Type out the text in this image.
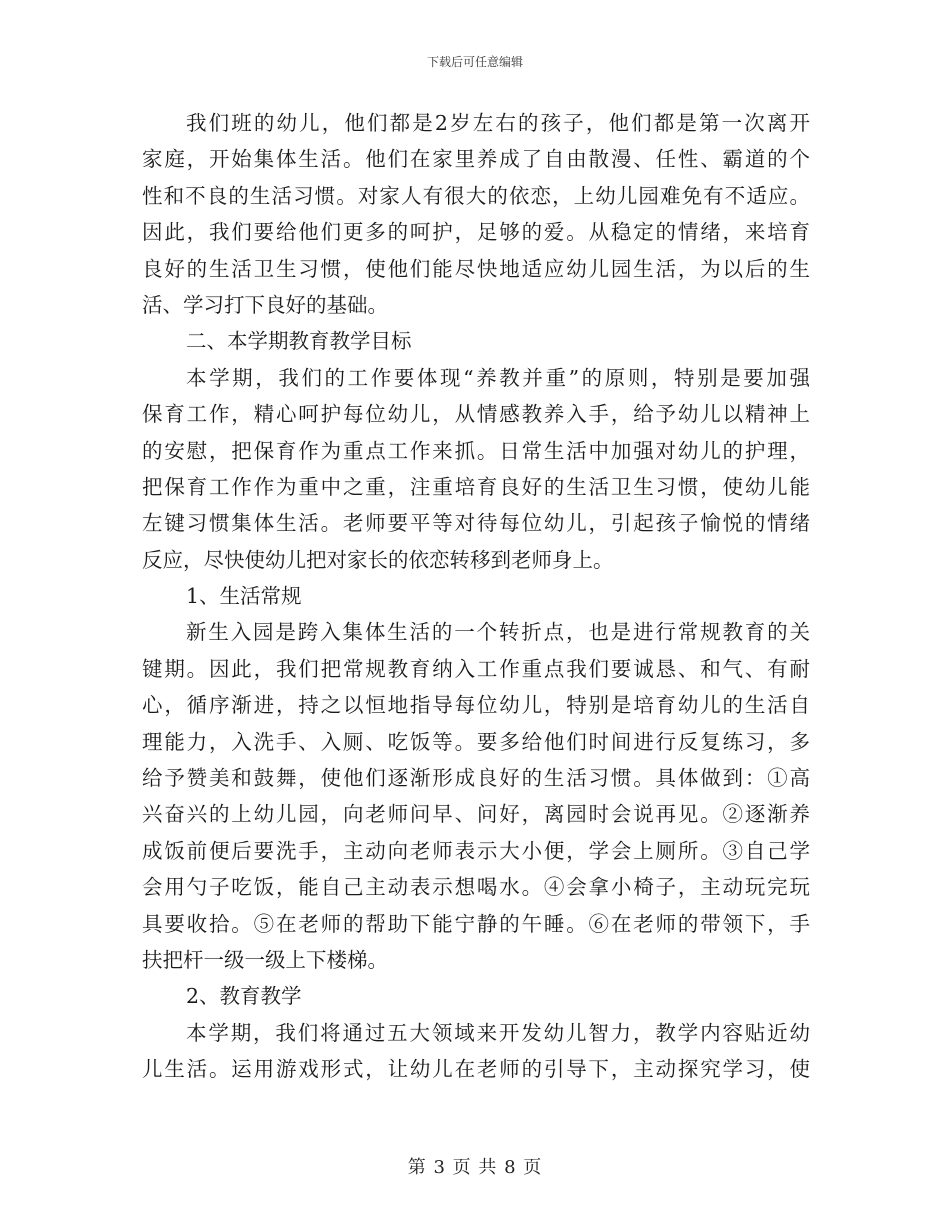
下载后可任意编辑
我们班的幼儿，他们都是2岁左右的孩子，他们都是第一次离开
家庭，开始集体生活。他们在家里养成了自由散漫、任性、霸道的个
性和不良的生活习惯。对家人有很大的依恋，上幼儿园难免有不适应。
因此，我们要给他们更多的呵护，足够的爱。从稳定的情绪，来培育
良好的生活卫生习惯，使他们能尽快地适应幼儿园生活，为以后的生
活、学习打下良好的基础。
二、本学期教育教学目标
本学期，我们的工作要体现“养教并重”的原则，特别是要加强
保育工作，精心呵护每位幼儿，从情感教养入手，给予幼儿以精神上
的安慰，把保育作为重点工作来抓。日常生活中加强对幼儿的护理，
把保育工作作为重中之重，注重培育良好的生活卫生习惯，使幼儿能
左键习惯集体生活。老师要平等对待每位幼儿，引起孩子愉悦的情绪
反应，尽快使幼儿把对家长的依恋转移到老师身上。
1、生活常规
新生入园是跨入集体生活的一个转折点，也是进行常规教育的关
键期。因此，我们把常规教育纳入工作重点我们要诚恳、和气、有耐
心，循序渐进，持之以恒地指导每位幼儿，特别是培育幼儿的生活自
理能力，入洗手、入厕、吃饭等。要多给他们时间进行反复练习，多
给予赞美和鼓舞，使他们逐渐形成良好的生活习惯。具体做到：①高
兴奋兴的上幼儿园，向老师问早、问好，离园时会说再见。②逐渐养
成饭前便后要洗手，主动向老师表示大小便，学会上厕所。③自己学
会用勺子吃饭，能自己主动表示想喝水。④会拿小椅子，主动玩完玩
具要收拾。⑤在老师的帮助下能宁静的午睡。⑥在老师的带领下，手
扶把杆一级一级上下楼梯。
2、教育教学
本学期，我们将通过五大领域来开发幼儿智力，教学内容贴近幼
儿生活。运用游戏形式，让幼儿在老师的引导下，主动探究学习，使
第 3 页 共 8 页
